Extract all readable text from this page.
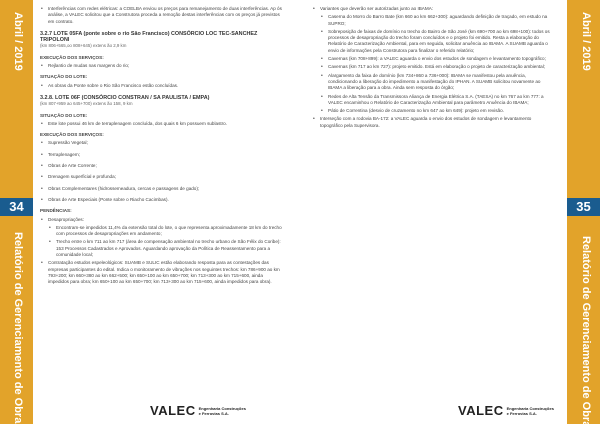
Abril / 2019
34
Relatório de Gerenciamento de Obras
Abril / 2019
35
Relatório de Gerenciamento de Obras
• Interferências com redes elétricas: a COELBA enviou os preços para remanejamento de duas interferências. Ap ós análise, a VALEC solicitou que a Construtora proceda a remoção destas interferências com os preços já previstos em contrato.
3.2.7 LOTE 05FA (ponte sobre o rio São Francisco) CONSÓRCIO LOC TEC-SANCHEZ TRIPOLONI
(km 806+565,oo 808+645) extens ão 2,9 km
EXECUÇÃO DOS SERVIÇOS:
• Rejlantio de mudas nas margens do rio;
SITUAÇÃO DO LOTE:
• As obras da Ponte sobre o Rio São Francisco estão concluídas.
3.2.8. LOTE 06F (CONSÓRCIO CONSTRAN / SA PAULISTA / EMPA)
(km 807+959 ao 645+700) extens ão 158, 9 km
SITUAÇÃO DO LOTE:
• Este lote possui 46 km de terraplenagem concluída, dos quais 6 km possuem sublastro.
EXECUÇÃO DOS SERVIÇOS:
• Supressão Vegetal;
• Terraplenagem;
• Obras de Arte Corrente;
• Drenagem superficial e profunda;
• Obras Complementares (hidrossemeadura, cercas e passagens de gado);
• Obras de Arte Especiais (Ponte sobre o Riacho Cacimbas).
PENDÊNCIAS:
• Desapropriações:
• Encontram-se impedidos 11,4% da extensão total do lote, o que representa aproximadamente 18 km do trecho com processos de desapropriações em andamento;
• Trecho entre o km 711 ao km 717 (área de compensação ambiental no trecho urbano de São Félix do Coribe): 153 Processos Cadastrados e Aprovados. Aguardando aprovação da Política de Reassentamento para a comunidade local;
• Contratação estudos espeleológicos: SUAMB e SULIC estão elaborando resposta para as contestações das empresas participantes do edital. Indica o monitoramento de vibrações nos seguintes trechos: km 786+900 ao km 793+200; km 660+380 ao km 662+500; km 650+100 ao km 650+700; km 713+300 ao km 715+600, ainda impedidos para obra; km 650+100 ao km 650+700; km 713+300 ao km 715+600, ainda impedidos para obra).
• Variantes que deverão ser autorizadas junto ao IBAMA:
• Caserna do Morro do Barro Bate (km 660 ao km 662+300): aguardando definição de traçado, em estudo na SUPRO;
• Sobreposição de faixas de domínio no trecho do Bairro de São José (km 690+700 ao km 698+100): todos os processos de desapropriação do trecho foram concluídos e o projeto foi emitido. Resta a elaboração do Relatório de Caracterização Ambiental, para em seguida, solicitar anuência ao IBAMA. A SUAMB aguarda o envio de informações pela Construtora para finalizar o referido relatório;
• Cavernas (km 708+899): a VALEC aguarda o envio dos estudos de sondagem e levantamento topográfico;
• Cavernas (km 717 ao km 727): projeto emitido. Está em elaboração o projeto de caracterização ambiental;
• Alargamento da faixa de domínio (km 734+860 a 736+000): IBAMA se manifestou pela anuência, condicionando a liberação do impedimento a manifestação do IPHAN. A SUAMB solicitou novamente ao IBAMA a liberação para a obra. Ainda sem resposta do órgão;
• Redes de Alta Tensão da Transmissora Aliança de Energia Elétrica S.A. (TAESA) no km 767 ao km 777: a VALEC encaminhou o Relatório de Caracterização Ambiental para parâmetro Anuência do IBAMA;
• Pátio de Correntina (desvio de cruzamento no km 647 ao km 649): projeto em revisão.
• Interseção com a rodovia BA-172: a VALEC aguarda o envio dos estudos de sondagem e levantamento topográfico pela Supervisora.
VALEC Engenharia Construções
e Ferrovias S.A.	VALEC Engenharia Construções
e Ferrovias S.A.
